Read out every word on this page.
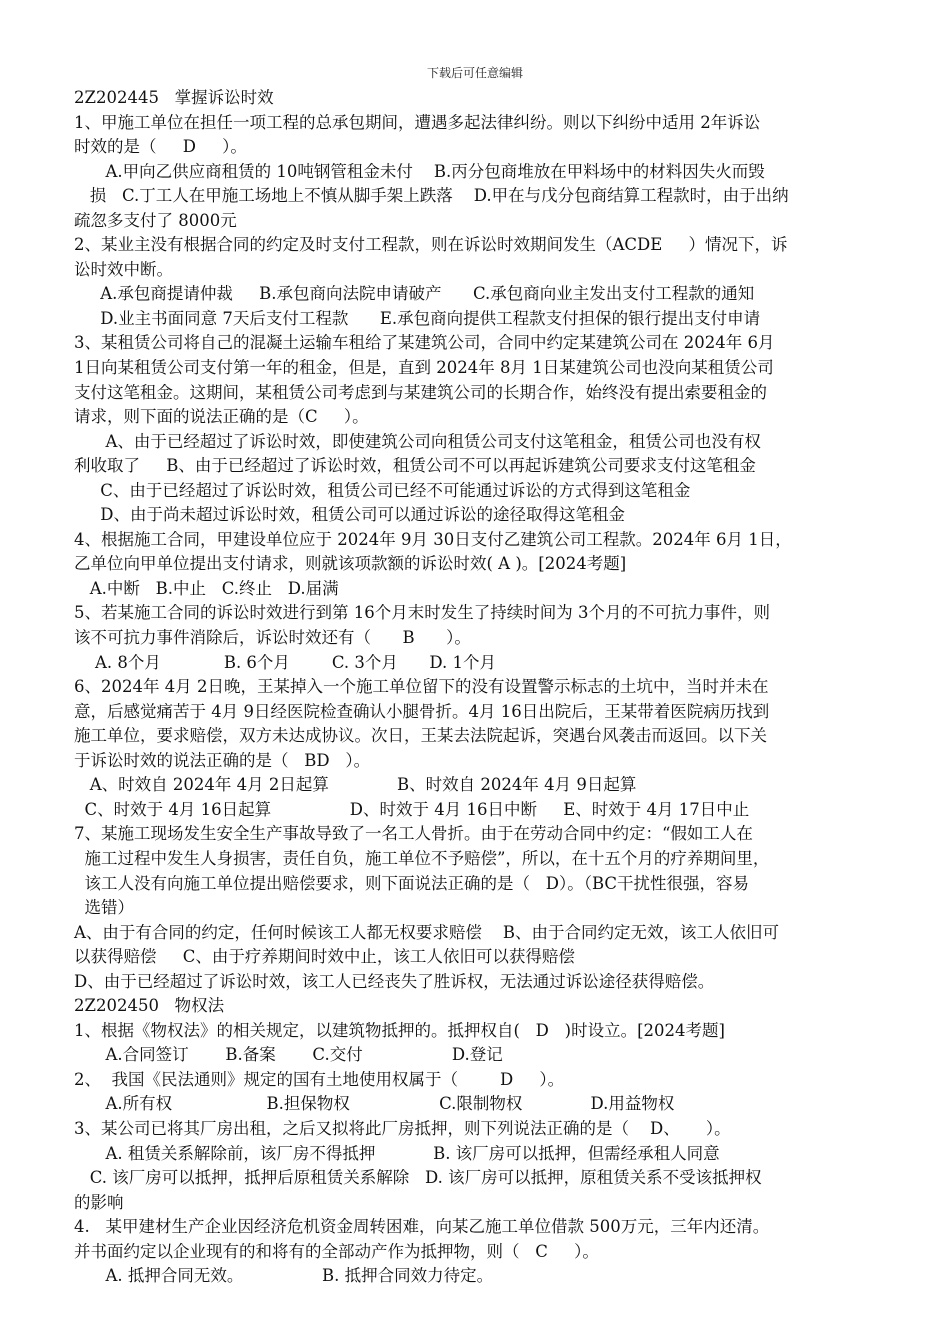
下载后可任意编辑
2Z202445   掌握诉讼时效
1、甲施工单位在担任一项工程的总承包期间，遭遇多起法律纠纷。则以下纠纷中适用 2年诉讼
时效的是（     D     ）。
A.甲向乙供应商租赁的 10吨钢管租金未付    B.丙分包商堆放在甲料场中的材料因失火而毁
损   C.丁工人在甲施工场地上不慎从脚手架上跌落    D.甲在与戊分包商结算工程款时，由于出纳
疏忽多支付了 8000元
2、某业主没有根据合同的约定及时支付工程款，则在诉讼时效期间发生（ACDE     ）情况下，诉
讼时效中断。
A.承包商提请仲裁     B.承包商向法院申请破产      C.承包商向业主发出支付工程款的通知
D.业主书面同意 7天后支付工程款      E.承包商向提供工程款支付担保的银行提出支付申请
3、某租赁公司将自己的混凝土运输车租给了某建筑公司，合同中约定某建筑公司在 2024年 6月
1日向某租赁公司支付第一年的租金，但是，直到 2024年 8月 1日某建筑公司也没向某租赁公司
支付这笔租金。这期间，某租赁公司考虑到与某建筑公司的长期合作，始终没有提出索要租金的
请求，则下面的说法正确的是（C     ）。
A、由于已经超过了诉讼时效，即使建筑公司向租赁公司支付这笔租金，租赁公司也没有权
利收取了     B、由于已经超过了诉讼时效，租赁公司不可以再起诉建筑公司要求支付这笔租金
C、由于已经超过了诉讼时效，租赁公司已经不可能通过诉讼的方式得到这笔租金
D、由于尚未超过诉讼时效，租赁公司可以通过诉讼的途径取得这笔租金
4、根据施工合同，甲建设单位应于 2024年 9月 30日支付乙建筑公司工程款。2024年 6月 1日，
乙单位向甲单位提出支付请求，则就该项款额的诉讼时效( A )。[2024考题]
A.中断   B.中止   C.终止   D.届满
5、若某施工合同的诉讼时效进行到第 16个月末时发生了持续时间为 3个月的不可抗力事件，则
该不可抗力事件消除后，诉讼时效还有（      B      ）。
A. 8个月            B. 6个月        C. 3个月      D. 1个月
6、2024年 4月 2日晚，王某掉入一个施工单位留下的没有设置警示标志的土坑中，当时并未在
意，后感觉痛苦于 4月 9日经医院检查确认小腿骨折。4月 16日出院后，王某带着医院病历找到
施工单位，要求赔偿，双方未达成协议。次日，王某去法院起诉，突遇台风袭击而返回。以下关
于诉讼时效的说法正确的是（   BD   ）。
A、时效自 2024年 4月 2日起算             B、时效自 2024年 4月 9日起算
C、时效于 4月 16日起算               D、时效于 4月 16日中断     E、时效于 4月 17日中止
7、某施工现场发生安全生产事故导致了一名工人骨折。由于在劳动合同中约定：“假如工人在
施工过程中发生人身损害，责任自负，施工单位不予赔偿”，所以，在十五个月的疗养期间里，
该工人没有向施工单位提出赔偿要求，则下面说法正确的是（   D）。（BC干扰性很强，容易
选错）
A、由于有合同的约定，任何时候该工人都无权要求赔偿    B、由于合同约定无效，该工人依旧可
以获得赔偿     C、由于疗养期间时效中止，该工人依旧可以获得赔偿
D、由于已经超过了诉讼时效，该工人已经丧失了胜诉权，无法通过诉讼途径获得赔偿。
2Z202450   物权法
1、根据《物权法》的相关规定，以建筑物抵押的。抵押权自(   D   )时设立。[2024考题]
A.合同签订       B.备案       C.交付                 D.登记
2、  我国《民法通则》规定的国有土地使用权属于（        D     ）。
A.所有权                  B.担保物权                 C.限制物权             D.用益物权
3、某公司已将其厂房出租，之后又拟将此厂房抵押，则下列说法正确的是（    D、     ）。
A. 租赁关系解除前，该厂房不得抵押           B. 该厂房可以抵押，但需经承租人同意
C. 该厂房可以抵押，抵押后原租赁关系解除   D. 该厂房可以抵押，原租赁关系不受该抵押权
的影响
4.   某甲建材生产企业因经济危机资金周转困难，向某乙施工单位借款 500万元，三年内还清。
并书面约定以企业现有的和将有的全部动产作为抵押物，则（   C     ）。
A. 抵押合同无效。               B. 抵押合同效力待定。
